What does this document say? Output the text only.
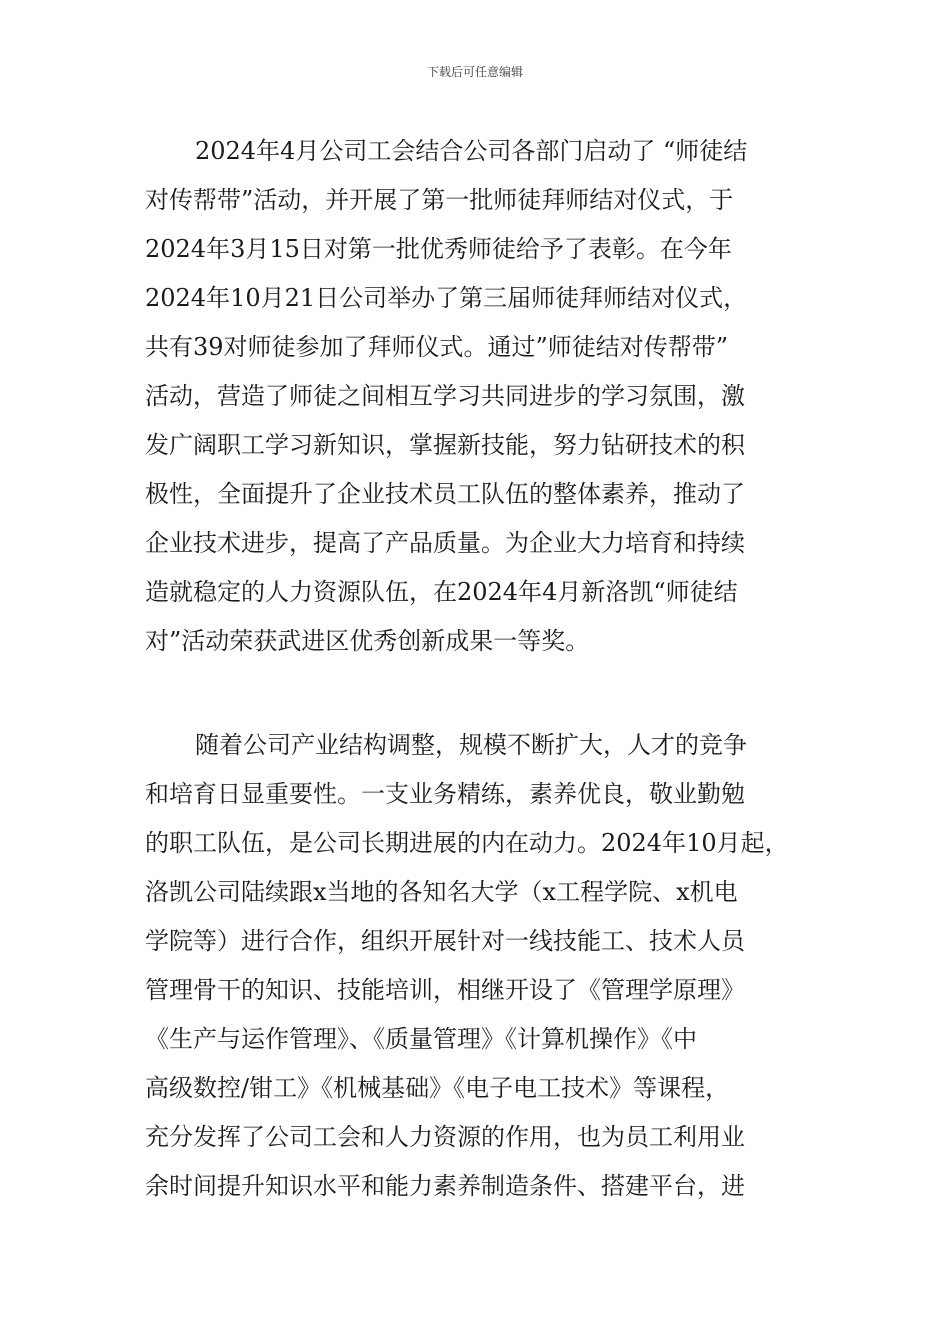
下载后可任意编辑
2024年4月公司工会结合公司各部门启动了 “师徒结
对传帮带”活动，并开展了第一批师徒拜师结对仪式，于
2024年3月15日对第一批优秀师徒给予了表彰。在今年
2024年10月21日公司举办了第三届师徒拜师结对仪式，
共有39对师徒参加了拜师仪式。通过”师徒结对传帮带”
活动，营造了师徒之间相互学习共同进步的学习氛围，激
发广阔职工学习新知识，掌握新技能，努力钻研技术的积
极性，全面提升了企业技术员工队伍的整体素养，推动了
企业技术进步，提高了产品质量。为企业大力培育和持续
造就稳定的人力资源队伍，在2024年4月新洛凯“师徒结
对”活动荣获武进区优秀创新成果一等奖。
随着公司产业结构调整，规模不断扩大，人才的竞争
和培育日显重要性。一支业务精练，素养优良，敬业勤勉
的职工队伍，是公司长期进展的内在动力。2024年10月起，
洛凯公司陆续跟x当地的各知名大学（x工程学院、x机电
学院等）进行合作，组织开展针对一线技能工、技术人员
管理骨干的知识、技能培训，相继开设了《管理学原理》
《生产与运作管理》、《质量管理》《计算机操作》《中
高级数控/钳工》《机械基础》《电子电工技术》等课程，
充分发挥了公司工会和人力资源的作用，也为员工利用业
余时间提升知识水平和能力素养制造条件、搭建平台，进
